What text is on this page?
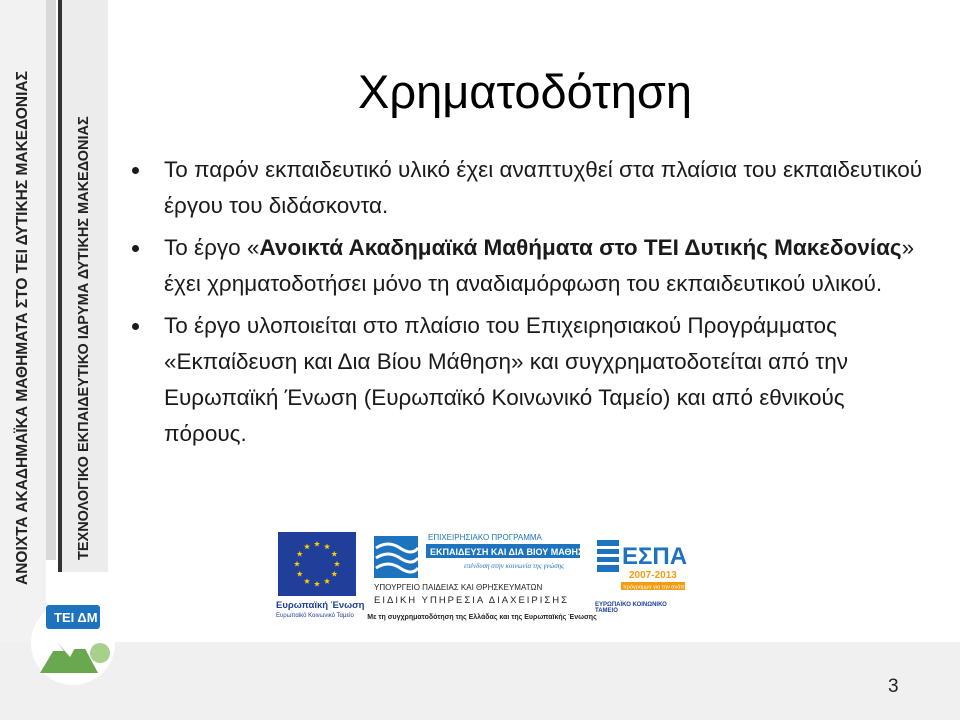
ΑΝΟΙΧΤΑ ΑΚΑΔΗΜΑΪΚΑ ΜΑΘΗΜΑΤΑ ΣΤΟ ΤΕΙ ΔΥΤΙΚΗΣ ΜΑΚΕΔΟΝΙΑΣ	ΤΕΧΝΟΛΟΓΙΚΟ ΕΚΠΑΙΔΕΥΤΙΚΟ ΙΔΡΥΜΑ ΔΥΤΙΚΗΣ ΜΑΚΕΔΟΝΙΑΣ
Χρηματοδότηση
Το παρόν εκπαιδευτικό υλικό έχει αναπτυχθεί στα πλαίσια του εκπαιδευτικού έργου του διδάσκοντα.
Το έργο «Ανοικτά Ακαδημαϊκά Μαθήματα στο ΤΕΙ Δυτικής Μακεδονίας» έχει χρηματοδοτήσει μόνο τη αναδιαμόρφωση του εκπαιδευτικού υλικού.
Το έργο υλοποιείται στο πλαίσιο του Επιχειρησιακού Προγράμματος «Εκπαίδευση και Δια Βίου Μάθηση» και συγχρηματοδοτείται από την Ευρωπαϊκή Ένωση (Ευρωπαϊκό Κοινωνικό Ταμείο) και από εθνικούς πόρους.
Ευρωπαϊκή Ένωση
Ευρωπαϊκό Κοινωνικό Ταμείο
ΕΠΙΧΕΙΡΗΣΙΑΚΟ ΠΡΟΓΡΑΜΜΑ
ΕΚΠΑΙΔΕΥΣΗ ΚΑΙ ΔΙΑ ΒΙΟΥ ΜΑΘΗΣΗ
επένδυση στην κοινωνία της γνώσης
ΥΠΟΥΡΓΕΙΟ ΠΑΙΔΕΙΑΣ ΚΑΙ ΘΡΗΣΚΕΥΜΑΤΩΝ
ΕΙΔΙΚΗ ΥΠΗΡΕΣΙΑ ΔΙΑΧΕΙΡΙΣΗΣ
Με τη συγχρηματοδότηση της Ελλάδας και της Ευρωπαϊκής Ένωσης
ΕΣΠΑ
2007-2013
πρόγραμμα για την ανάπτυξη
ΕΥΡΩΠΑΪΚΟ ΚΟΙΝΩΝΙΚΟ ΤΑΜΕΙΟ
ΤΕΙ ΔΜ
3
